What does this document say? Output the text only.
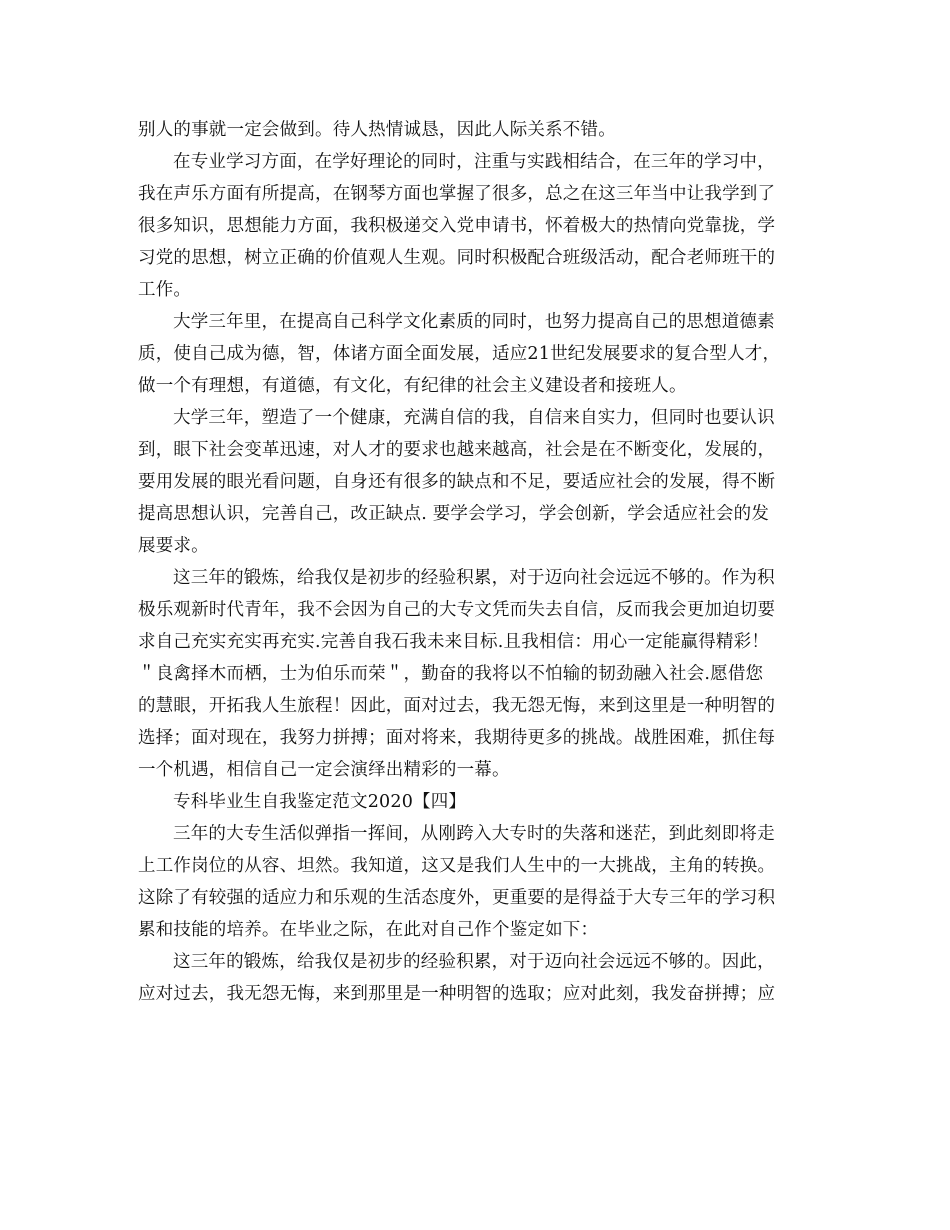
别人的事就一定会做到。待人热情诚恳，因此人际关系不错。
在专业学习方面，在学好理论的同时，注重与实践相结合，在三年的学习中，
我在声乐方面有所提高，在钢琴方面也掌握了很多，总之在这三年当中让我学到了
很多知识，思想能力方面，我积极递交入党申请书，怀着极大的热情向党靠拢，学
习党的思想，树立正确的价值观人生观。同时积极配合班级活动，配合老师班干的
工作。
大学三年里，在提高自己科学文化素质的同时，也努力提高自己的思想道德素
质，使自己成为德，智，体诸方面全面发展，适应21世纪发展要求的复合型人才，
做一个有理想，有道德，有文化，有纪律的社会主义建设者和接班人。
大学三年，塑造了一个健康，充满自信的我，自信来自实力，但同时也要认识
到，眼下社会变革迅速，对人才的要求也越来越高，社会是在不断变化，发展的，
要用发展的眼光看问题，自身还有很多的缺点和不足，要适应社会的发展，得不断
提高思想认识，完善自己，改正缺点. 要学会学习，学会创新，学会适应社会的发
展要求。
这三年的锻炼，给我仅是初步的经验积累，对于迈向社会远远不够的。作为积
极乐观新时代青年，我不会因为自己的大专文凭而失去自信，反而我会更加迫切要
求自己充实充实再充实.完善自我石我未来目标.且我相信：用心一定能赢得精彩！
＂良禽择木而栖，士为伯乐而荣＂，勤奋的我将以不怕输的韧劲融入社会.愿借您
的慧眼，开拓我人生旅程！因此，面对过去，我无怨无悔，来到这里是一种明智的
选择；面对现在，我努力拼搏；面对将来，我期待更多的挑战。战胜困难，抓住每
一个机遇，相信自己一定会演绎出精彩的一幕。
专科毕业生自我鉴定范文2020【四】
三年的大专生活似弹指一挥间，从刚跨入大专时的失落和迷茫，到此刻即将走
上工作岗位的从容、坦然。我知道，这又是我们人生中的一大挑战，主角的转换。
这除了有较强的适应力和乐观的生活态度外，更重要的是得益于大专三年的学习积
累和技能的培养。在毕业之际，在此对自己作个鉴定如下：
这三年的锻炼，给我仅是初步的经验积累，对于迈向社会远远不够的。因此，
应对过去，我无怨无悔，来到那里是一种明智的选取；应对此刻，我发奋拼搏；应
